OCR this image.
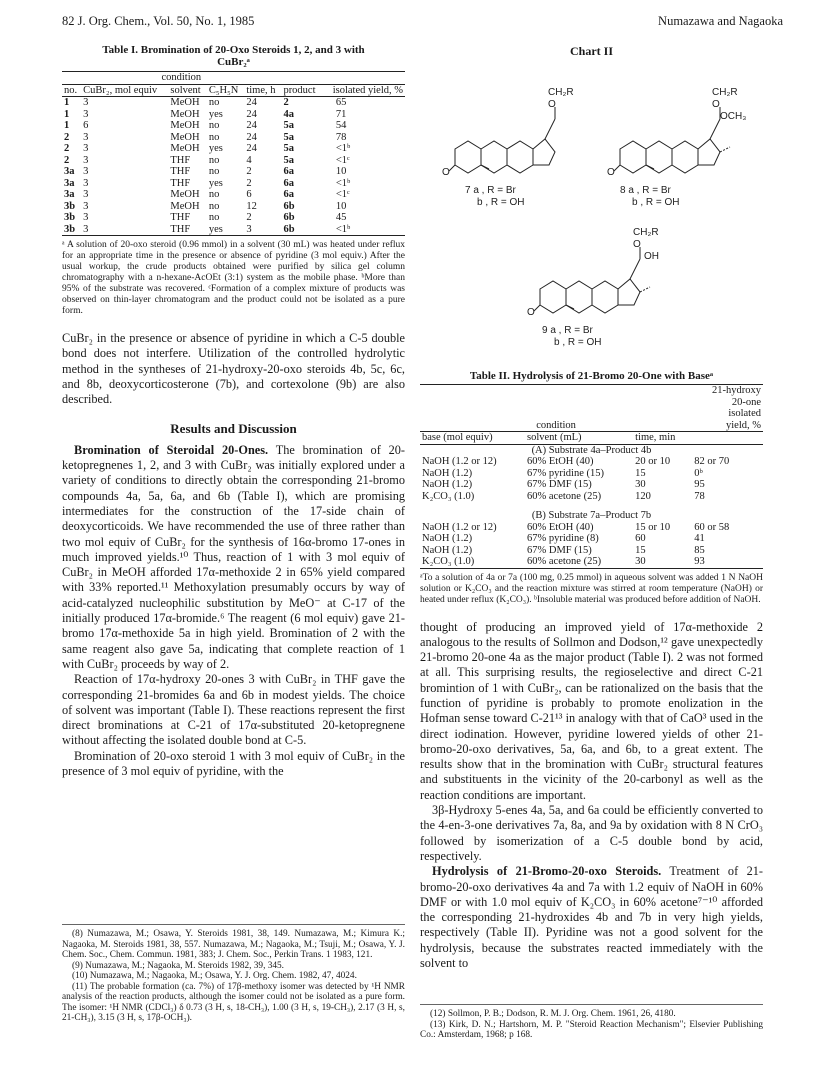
82 J. Org. Chem., Vol. 50, No. 1, 1985	Numazawa and Nagaoka
Table I. Bromination of 20-Oxo Steroids 1, 2, and 3 with
CuBr₂ᵃ
	condition					
no.	CuBr₂, mol equiv	solvent	C₅H₅N	time, h	product	isolated yield, %
1	3	MeOH	no	24	2	65
1	3	MeOH	yes	24	4a	71
1	6	MeOH	no	24	5a	54
2	3	MeOH	no	24	5a	78
2	3	MeOH	yes	24	5a	<1ᵇ
2	3	THF	no	4	5a	<1ᶜ
3a	3	THF	no	2	6a	10
3a	3	THF	yes	2	6a	<1ᵇ
3a	3	MeOH	no	6	6a	<1ᶜ
3b	3	MeOH	no	12	6b	10
3b	3	THF	no	2	6b	45
3b	3	THF	yes	3	6b	<1ᵇ
ᵃ A solution of 20-oxo steroid (0.96 mmol) in a solvent (30 mL) was heated under reflux for an appropriate time in the presence or absence of pyridine (3 mol equiv.) After the usual workup, the crude products obtained were purified by silica gel column chromatography with a n-hexane-AcOEt (3:1) system as the mobile phase. ᵇMore than 95% of the substrate was recovered. ᶜFormation of a complex mixture of products was observed on thin-layer chromatogram and the product could not be isolated as a pure form.

CuBr₂ in the presence or absence of pyridine in which a C-5 double bond does not interfere. Utilization of the controlled hydrolytic method in the syntheses of 21-hydroxy-20-oxo steroids 4b, 5c, 6c, and 8b, deoxycorticosterone (7b), and cortexolone (9b) are also described.

Results and Discussion

Bromination of Steroidal 20-Ones. The bromination of 20-ketopregnenes 1, 2, and 3 with CuBr₂ was initially explored under a variety of conditions to directly obtain the corresponding 21-bromo compounds 4a, 5a, 6a, and 6b (Table I), which are promising intermediates for the construction of the 17-side chain of deoxycorticoids. We have recommended the use of three rather than two mol equiv of CuBr₂ for the synthesis of 16α-bromo 17-ones in much improved yields.¹⁰ Thus, reaction of 1 with 3 mol equiv of CuBr₂ in MeOH afforded 17α-methoxide 2 in 65% yield compared with 33% reported.¹¹ Methoxylation presumably occurs by way of acid-catalyzed nucleophilic substitution by MeO⁻ at C-17 of the initially produced 17α-bromide.⁶ The reagent (6 mol equiv) gave 21-bromo 17α-methoxide 5a in high yield. Bromination of 2 with the same reagent also gave 5a, indicating that complete reaction of 1 with CuBr₂ proceeds by way of 2.

Reaction of 17α-hydroxy 20-ones 3 with CuBr₂ in THF gave the corresponding 21-bromides 6a and 6b in modest yields. The choice of solvent was important (Table I). These reactions represent the first direct brominations at C-21 of 17α-substituted 20-ketopregnene without affecting the isolated double bond at C-5.

Bromination of 20-oxo steroid 1 with 3 mol equiv of CuBr₂ in the presence of 3 mol equiv of pyridine, with the

(8) Numazawa, M.; Osawa, Y. Steroids 1981, 38, 149. Numazawa, M.; Kimura K.; Nagaoka, M. Steroids 1981, 38, 557. Numazawa, M.; Nagaoka, M.; Tsuji, M.; Osawa, Y. J. Chem. Soc., Chem. Commun. 1981, 383; J. Chem. Soc., Perkin Trans. 1 1983, 121.

(9) Numazawa, M.; Nagaoka, M. Steroids 1982, 39, 345.

(10) Numazawa, M.; Nagaoka, M.; Osawa, Y. J. Org. Chem. 1982, 47, 4024.

(11) The probable formation (ca. 7%) of 17β-methoxy isomer was detected by ¹H NMR analysis of the reaction products, although the isomer could not be isolated as a pure form. The isomer: ¹H NMR (CDCl₃) δ 0.73 (3 H, s, 18-CH₃), 1.00 (3 H, s, 19-CH₃), 2.17 (3 H, s, 21-CH₃), 3.15 (3 H, s, 17β-OCH₃).

Chart II
CH₂R
O
O
7 a , R = Br
b , R = OH
CH₂R
O
OCH₃
O
8 a , R = Br
b , R = OH
CH₂R
O
OH
O
9 a , R = Br
b , R = OH
Table II. Hydrolysis of 21-Bromo 20-One with Baseᵃ
condition			21-hydroxy
			20-one
			isolated
			yield, %
base (mol equiv)	solvent (mL)	time, min	
(A) Substrate 4a–Product 4b			
NaOH (1.2 or 12)	60% EtOH (40)	20 or 10	82 or 70
NaOH (1.2)	67% pyridine (15)	15	0ᵇ
NaOH (1.2)	67% DMF (15)	30	95
K₂CO₃ (1.0)	60% acetone (25)	120	78
(B) Substrate 7a–Product 7b			
NaOH (1.2 or 12)	60% EtOH (40)	15 or 10	60 or 58
NaOH (1.2)	67% pyridine (8)	60	41
NaOH (1.2)	67% DMF (15)	15	85
K₂CO₃ (1.0)	60% acetone (25)	30	93
ᵃTo a solution of 4a or 7a (100 mg, 0.25 mmol) in aqueous solvent was added 1 N NaOH solution or K₂CO₃ and the reaction mixture was stirred at room temperature (NaOH) or heated under reflux (K₂CO₃). ᵇInsoluble material was produced before addition of NaOH.

thought of producing an improved yield of 17α-methoxide 2 analogous to the results of Sollmon and Dodson,¹² gave unexpectedly 21-bromo 20-one 4a as the major product (Table I). 2 was not formed at all. This surprising results, the regioselective and direct C-21 bromintion of 1 with CuBr₂, can be rationalized on the basis that the function of pyridine is probably to promote enolization in the Hofman sense toward C-21¹³ in analogy with that of CaO³ used in the direct iodination. However, pyridine lowered yields of other 21-bromo-20-oxo derivatives, 5a, 6a, and 6b, to a great extent. The results show that in the bromination with CuBr₂ structural features and substituents in the vicinity of the 20-carbonyl as well as the reaction conditions are important.

3β-Hydroxy 5-enes 4a, 5a, and 6a could be efficiently converted to the 4-en-3-one derivatives 7a, 8a, and 9a by oxidation with 8 N CrO₃ followed by isomerization of a C-5 double bond by acid, respectively.

Hydrolysis of 21-Bromo-20-oxo Steroids. Treatment of 21-bromo-20-oxo derivatives 4a and 7a with 1.2 equiv of NaOH in 60% DMF or with 1.0 mol equiv of K₂CO₃ in 60% acetone⁷⁻¹⁰ afforded the corresponding 21-hydroxides 4b and 7b in very high yields, respectively (Table II). Pyridine was not a good solvent for the hydrolysis, because the substrates reacted immediately with the solvent to

(12) Sollmon, P. B.; Dodson, R. M. J. Org. Chem. 1961, 26, 4180.

(13) Kirk, D. N.; Hartshorn, M. P. "Steroid Reaction Mechanism"; Elsevier Publishing Co.: Amsterdam, 1968; p 168.
